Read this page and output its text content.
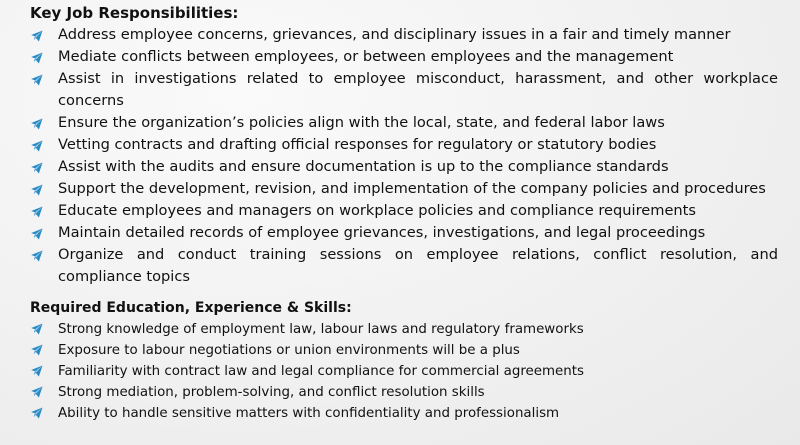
Key Job Responsibilities:
Address employee concerns, grievances, and disciplinary issues in a fair and timely manner
Mediate conflicts between employees, or between employees and the management
Assist in investigations related to employee misconduct, harassment, and other workplace concerns
Ensure the organization’s policies align with the local, state, and federal labor laws
Vetting contracts and drafting official responses for regulatory or statutory bodies
Assist with the audits and ensure documentation is up to the compliance standards
Support the development, revision, and implementation of the company policies and procedures
Educate employees and managers on workplace policies and compliance requirements
Maintain detailed records of employee grievances, investigations, and legal proceedings
Organize and conduct training sessions on employee relations, conflict resolution, and compliance topics
Required Education, Experience & Skills:
Strong knowledge of employment law, labour laws and regulatory frameworks
Exposure to labour negotiations or union environments will be a plus
Familiarity with contract law and legal compliance for commercial agreements
Strong mediation, problem-solving, and conflict resolution skills
Ability to handle sensitive matters with confidentiality and professionalism
